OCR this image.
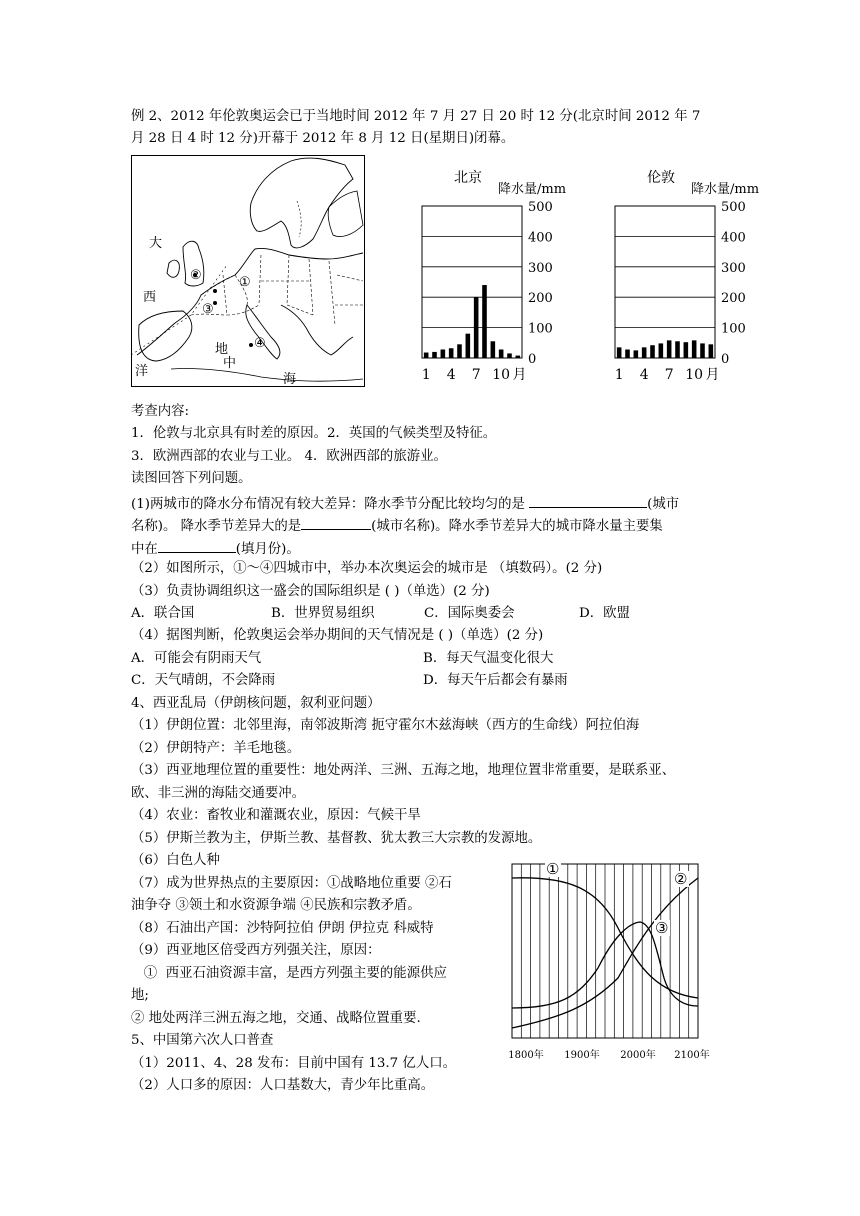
例 2、2012 年伦敦奥运会已于当地时间 2012 年 7 月 27 日 20 时 12 分(北京时间 2012 年 7
月 28 日 4 时 12 分)开幕于 2012 年 8 月 12 日(星期日)闭幕。
大
西
洋
地
中
海
①
②
③
④
北京
降水量/mm
500
400
300
200
100
0
1 4 7 10 月
伦敦
降水量/mm
500
400
300
200
100
0
1 4 7 10 月
考查内容:
1．伦敦与北京具有时差的原因。2．英国的气候类型及特征。
3．欧洲西部的农业与工业。 4．欧洲西部的旅游业。
读图回答下列问题。
(1)两城市的降水分布情况有较大差异：降水季节分配比较均匀的是	(城市
名称)。 降水季节差异大的是	(城市名称)。降水季节差异大的城市降水量主要集
中在	(填月份)。
（2）如图所示，①～④四城市中，举办本次奥运会的城市是 （填数码）。(2 分)
（3）负责协调组织这一盛会的国际组织是 ( )（单选）(2 分)
A．联合国	B．世界贸易组织	C．国际奥委会	D．欧盟
（4）据图判断，伦敦奥运会举办期间的天气情况是 ( )（单选）(2 分)
A．可能会有阴雨天气	B．每天气温变化很大
C．天气晴朗，不会降雨	D．每天午后都会有暴雨
4、西亚乱局（伊朗核问题，叙利亚问题）
（1）伊朗位置：北邻里海，南邻波斯湾 扼守霍尔木兹海峡（西方的生命线）阿拉伯海
（2）伊朗特产：羊毛地毯。
（3）西亚地理位置的重要性：地处两洋、三洲、五海之地，地理位置非常重要，是联系亚、
欧、非三洲的海陆交通要冲。
（4）农业：畜牧业和灌溉农业，原因：气候干旱
（5）伊斯兰教为主，伊斯兰教、基督教、犹太教三大宗教的发源地。
（6）白色人种
（7）成为世界热点的主要原因：①战略地位重要 ②石
油争夺 ③领土和水资源争端 ④民族和宗教矛盾。
（8）石油出产国：沙特阿拉伯 伊朗 伊拉克 科威特
（9）西亚地区倍受西方列强关注，原因：
①  西亚石油资源丰富，是西方列强主要的能源供应
地;
② 地处两洋三洲五海之地，交通、战略位置重要.
5、中国第六次人口普查
（1）2011、4、28 发布：目前中国有 13.7 亿人口。
（2）人口多的原因：人口基数大，青少年比重高。
①
②
③
1800年 1900年 2000年 2100年
